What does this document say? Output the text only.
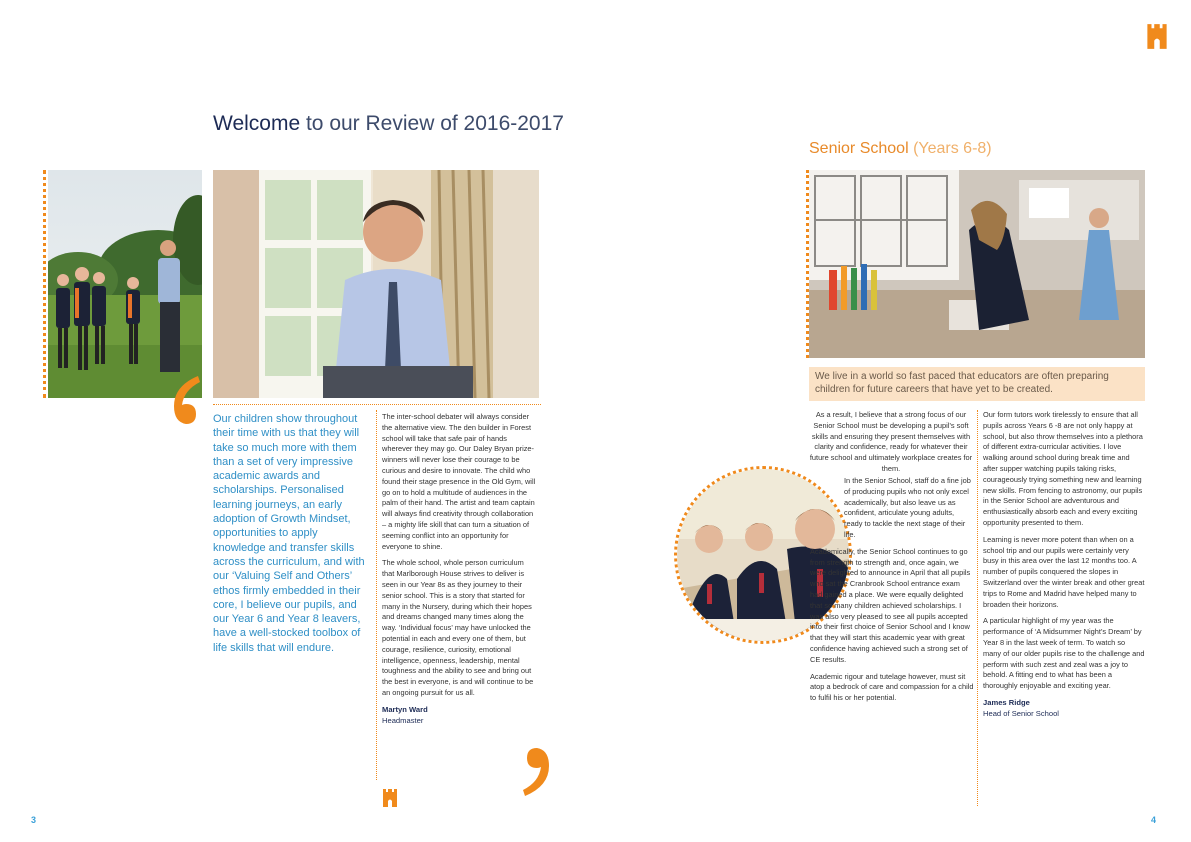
Welcome to our Review of 2016-2017
Our children show throughout their time with us that they will take so much more with them than a set of very impressive academic awards and scholarships. Personalised learning journeys, an early adoption of Growth Mindset, opportunities to apply knowledge and transfer skills across the curriculum, and with our ‘Valuing Self and Others’ ethos firmly embedded in their core, I believe our pupils, and our Year 6 and Year 8 leavers, have a well-stocked toolbox of life skills that will endure.

The inter-school debater will always consider the alternative view. The den builder in Forest school will take that safe pair of hands wherever they may go. Our Daley Bryan prize-winners will never lose their courage to be curious and desire to innovate. The child who found their stage presence in the Old Gym, will go on to hold a multitude of audiences in the palm of their hand. The artist and team captain will always find creativity through collaboration – a mighty life skill that can turn a situation of seeming conflict into an opportunity for everyone to shine.

The whole school, whole person curriculum that Marlborough House strives to deliver is seen in our Year 8s as they journey to their senior school. This is a story that started for many in the Nursery, during which their hopes and dreams changed many times along the way. ‘Individual focus’ may have unlocked the potential in each and every one of them, but courage, resilience, curiosity, emotional intelligence, openness, leadership, mental toughness and the ability to see and bring out the best in everyone, is and will continue to be an ongoing pursuit for us all.

Martyn Ward
Headmaster
3
Senior School (Years 6-8)
We live in a world so fast paced that educators are often preparing children for future careers that have yet to be created.

As a result, I believe that a strong focus of our Senior School must be developing a pupil’s soft skills and ensuring they present themselves with clarity and confidence, ready for whatever their future school and ultimately workplace creates for them.

In the Senior School, staff do a fine job of producing pupils who not only excel academically, but also leave us as confident, articulate young adults, ready to tackle the next stage of their life.

Academically, the Senior School continues to go from strength to strength and, once again, we were delighted to announce in April that all pupils who sat the Cranbrook School entrance exam had gained a place. We were equally delighted that so many children achieved scholarships. I was also very pleased to see all pupils accepted into their first choice of Senior School and I know that they will start this academic year with great confidence having achieved such a strong set of CE results.

Academic rigour and tutelage however, must sit atop a bedrock of care and compassion for a child to fulfil his or her potential.

Our form tutors work tirelessly to ensure that all pupils across Years 6 -8 are not only happy at school, but also throw themselves into a plethora of different extra-curricular activities. I love walking around school during break time and after supper watching pupils taking risks, courageously trying something new and learning new skills. From fencing to astronomy, our pupils in the Senior School are adventurous and enthusiastically absorb each and every exciting opportunity presented to them.

Learning is never more potent than when on a school trip and our pupils were certainly very busy in this area over the last 12 months too. A number of pupils conquered the slopes in Switzerland over the winter break and other great trips to Rome and Madrid have helped many to broaden their horizons.

A particular highlight of my year was the performance of ‘A Midsummer Night’s Dream’ by Year 8 in the last week of term. To watch so many of our older pupils rise to the challenge and perform with such zest and zeal was a joy to behold. A fitting end to what has been a thoroughly enjoyable and exciting year.

James Ridge
Head of Senior School
4
